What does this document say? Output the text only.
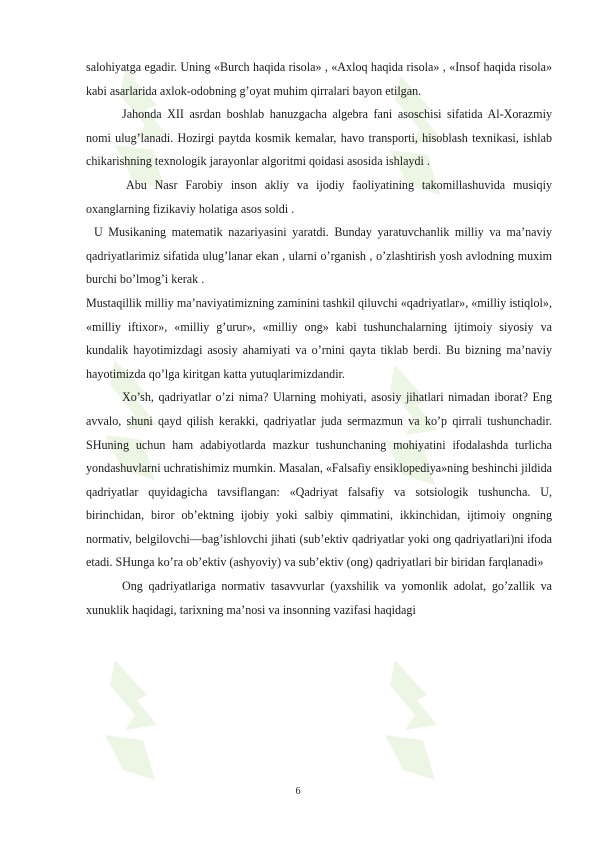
salohiyatga egadir. Uning «Burch haqida risola» , «Axloq haqida risola» , «Insof haqida risola» kabi asarlarida axlok-odobning g’oyat muhim qirralari bayon etilgan.

Jahonda XII asrdan boshlab hanuzgacha algebra fani asoschisi sifatida Al-Xorazmiy nomi ulug’lanadi. Hozirgi paytda kosmik kemalar, havo transporti, hisoblash texnikasi, ishlab chikarishning texnologik jarayonlar algoritmi qoidasi asosida ishlaydi .

Abu Nasr Farobiy inson akliy va ijodiy faoliyatining takomillashuvida musiqiy oxanglarning fizikaviy holatiga asos soldi .

U Musikaning matematik nazariyasini yaratdi. Bunday yaratuvchanlik milliy va ma’naviy qadriyatlarimiz sifatida ulug’lanar ekan , ularni o’rganish , o’zlashtirish yosh avlodning muxim burchi bo’lmog’i kerak .

Mustaqillik milliy ma’naviyatimizning zaminini tashkil qiluvchi «qadriyatlar», «milliy istiqlol», «milliy iftixor», «milliy g’urur», «milliy ong» kabi tushunchalarning ijtimoiy siyosiy va kundalik hayotimizdagi asosiy ahamiyati va o’rnini qayta tiklab berdi. Bu bizning ma’naviy hayotimizda qo’lga kiritgan katta yutuqlarimizdandir.

Xo’sh, qadriyatlar o’zi nima? Ularning mohiyati, asosiy jihatlari nimadan iborat? Eng avvalo, shuni qayd qilish kerakki, qadriyatlar juda sermazmun va ko’p qirrali tushunchadir. SHuning uchun ham adabiyotlarda mazkur tushunchaning mohiyatini ifodalashda turlicha yondashuvlarni uchratishimiz mumkin. Masalan, «Falsafiy ensiklopediya»ning beshinchi jildida qadriyatlar quyidagicha tavsiflangan: «Qadriyat falsafiy va sotsiologik tushuncha. U, birinchidan, biror ob’ektning ijobiy yoki salbiy qimmatini, ikkinchidan, ijtimoiy ongning normativ, belgilovchi—bag’ishlovchi jihati (sub’ektiv qadriyatlar yoki ong qadriyatlari)ni ifoda etadi. SHunga ko’ra ob’ektiv (ashyoviy) va sub’ektiv (ong) qadriyatlari bir biridan farqlanadi»

Ong qadriyatlariga normativ tasavvurlar (yaxshilik va yomonlik adolat, go’zallik va xunuklik haqidagi, tarixning ma’nosi va insonning vazifasi haqidagi

6
